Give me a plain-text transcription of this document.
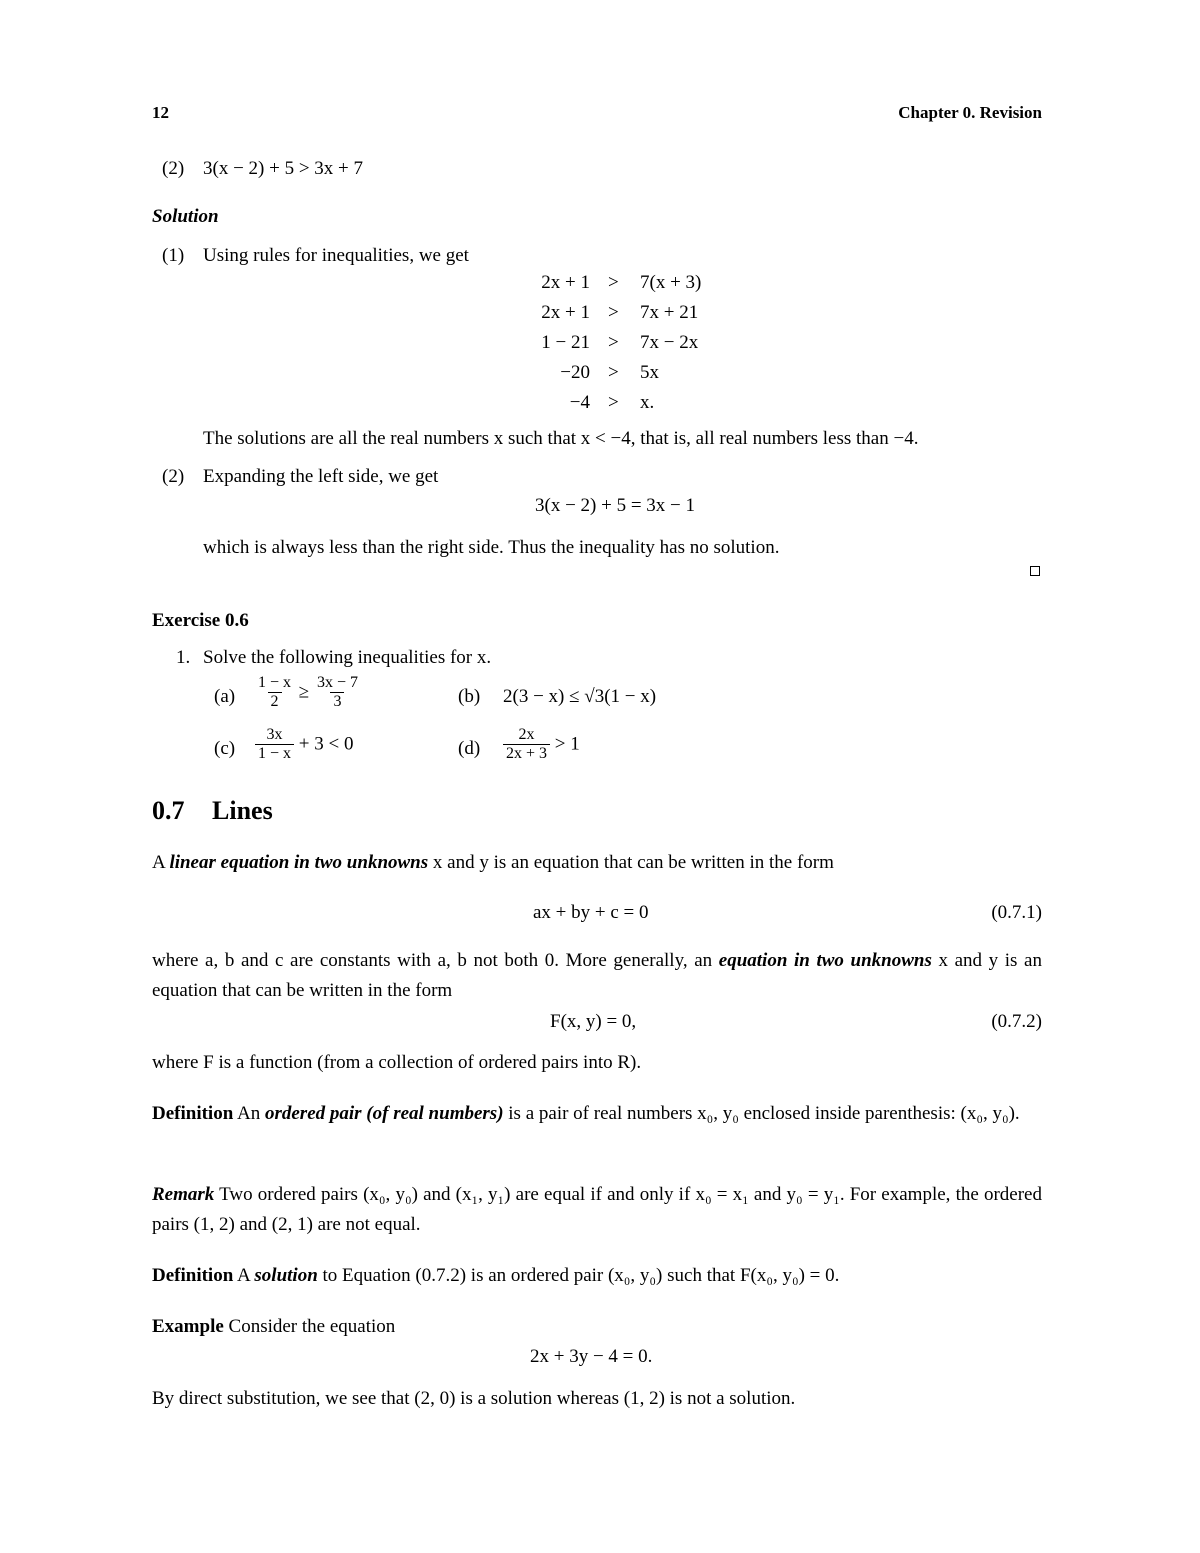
12	Chapter 0. Revision
(2) 3(x − 2) + 5 > 3x + 7
Solution
(1) Using rules for inequalities, we get
2x + 1 > 7(x + 3)
2x + 1 > 7x + 21
1 − 21 > 7x − 2x
−20 > 5x
−4 > x.
The solutions are all the real numbers x such that x < −4, that is, all real numbers less than −4.
(2) Expanding the left side, we get
3(x − 2) + 5 = 3x − 1
which is always less than the right side. Thus the inequality has no solution.
Exercise 0.6
1. Solve the following inequalities for x.
$(a) \frac{1 - x}{2} \ge \frac{3x - 7}{3}$	(b) 2(3 − x) ≤ √3(1 − x)
$(c) \frac{3x}{1 - x} + 3 < 0$	$(d) \frac{2x}{2x + 3} > 1$
0.7 Lines
A linear equation in two unknowns x and y is an equation that can be written in the form
ax + by + c = 0	(0.7.1)
where a, b and c are constants with a, b not both 0. More generally, an equation in two unknowns x and y is an equation that can be written in the form
F(x, y) = 0,	(0.7.2)
where F is a function (from a collection of ordered pairs into R).
Definition An ordered pair (of real numbers) is a pair of real numbers x₀, y₀ enclosed inside parenthesis: (x₀, y₀).
Remark Two ordered pairs (x₀, y₀) and (x₁, y₁) are equal if and only if x₀ = x₁ and y₀ = y₁. For example, the ordered pairs (1, 2) and (2, 1) are not equal.
Definition A solution to Equation (0.7.2) is an ordered pair (x₀, y₀) such that F(x₀, y₀) = 0.
Example Consider the equation
2x + 3y − 4 = 0.
By direct substitution, we see that (2, 0) is a solution whereas (1, 2) is not a solution.
